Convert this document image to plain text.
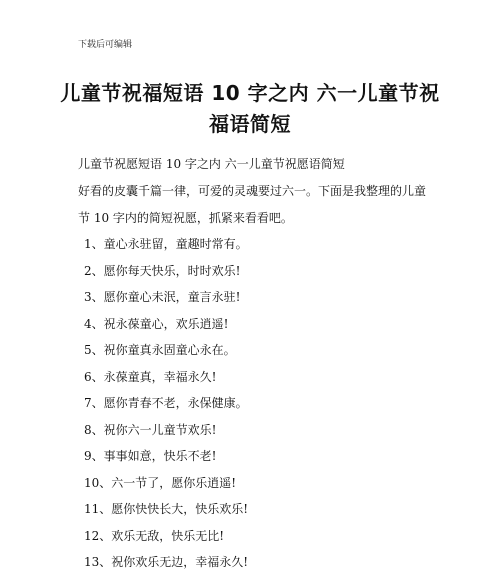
下载后可编辑
儿童节祝福短语 10 字之内 六一儿童节祝
福语简短
儿童节祝愿短语 10 字之内 六一儿童节祝愿语简短
好看的皮囊千篇一律，可爱的灵魂要过六一。下面是我整理的儿童
节 10 字内的简短祝愿，抓紧来看看吧。
1、童心永驻留，童趣时常有。
2、愿你每天快乐，时时欢乐!
3、愿你童心未泯，童言永驻!
4、祝永葆童心，欢乐逍遥!
5、祝你童真永固童心永在。
6、永葆童真，幸福永久!
7、愿你青春不老，永保健康。
8、祝你六一儿童节欢乐!
9、事事如意，快乐不老!
10、六一节了，愿你乐逍遥!
11、愿你快快长大，快乐欢乐!
12、欢乐无敌，快乐无比!
13、祝你欢乐无边，幸福永久!
